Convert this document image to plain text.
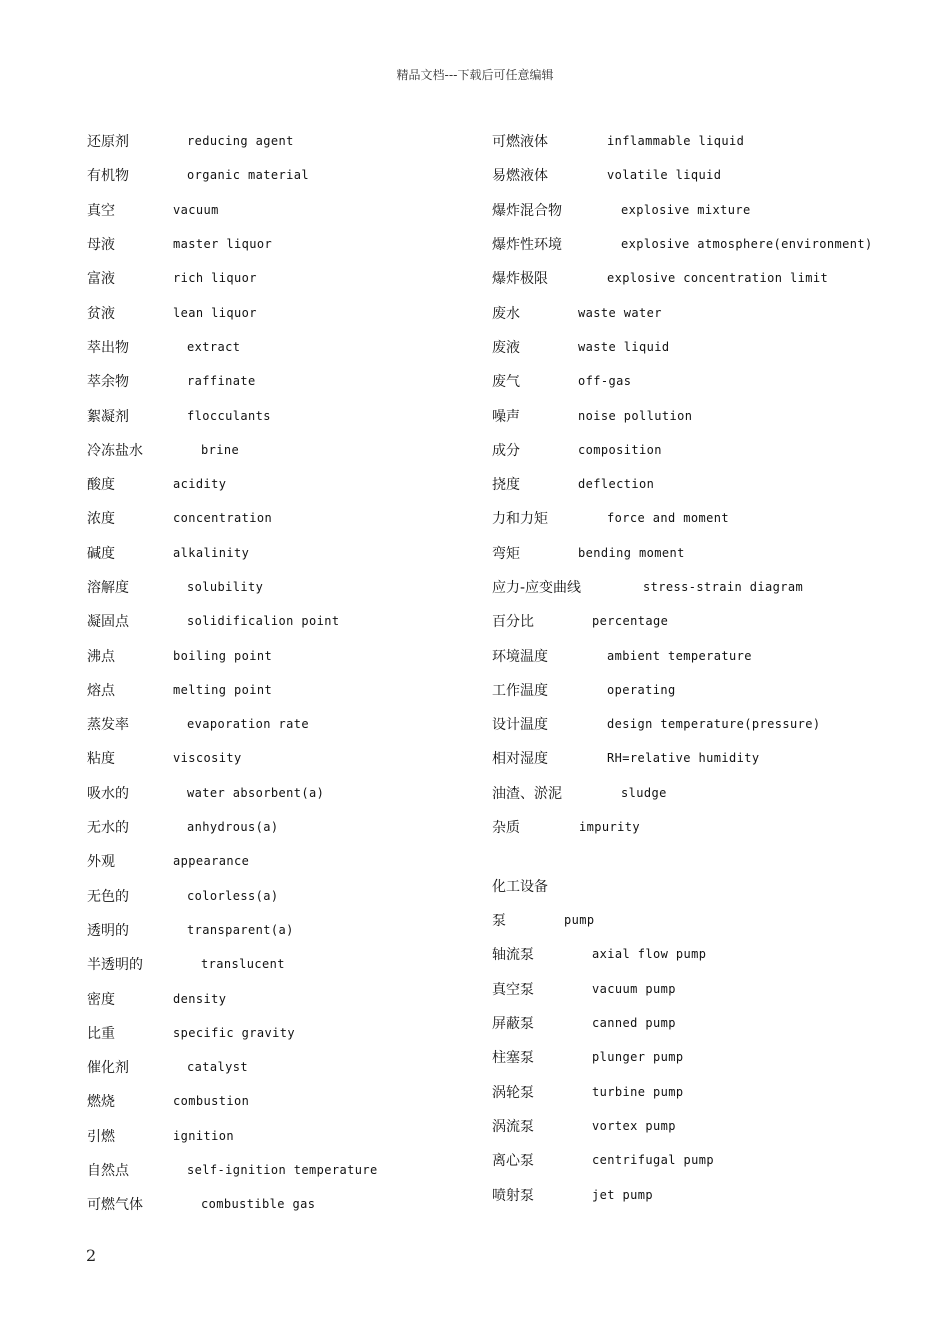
精品文档---下载后可任意编辑
还原剂	reducing agent
有机物	organic material
真空	vacuum
母液	master liquor
富液	rich liquor
贫液	lean liquor
萃出物	extract
萃余物	raffinate
絮凝剂	flocculants
冷冻盐水	brine
酸度	acidity
浓度	concentration
碱度	alkalinity
溶解度	solubility
凝固点	solidificalion point
沸点	boiling point
熔点	melting point
蒸发率	evaporation rate
粘度	viscosity
吸水的	water absorbent(a)
无水的	anhydrous(a)
外观	appearance
无色的	colorless(a)
透明的	transparent(a)
半透明的	translucent
密度	density
比重	specific gravity
催化剂	catalyst
燃烧	combustion
引燃	ignition
自然点	self-ignition temperature
可燃气体	combustible gas
可燃液体	inflammable liquid
易燃液体	volatile liquid
爆炸混合物	explosive mixture
爆炸性环境	explosive atmosphere(environment)
爆炸极限	explosive concentration limit
废水	waste water
废液	waste liquid
废气	off-gas
噪声	noise pollution
成分	composition
挠度	deflection
力和力矩	force and moment
弯矩	bending moment
应力-应变曲线	stress-strain diagram
百分比	percentage
环境温度	ambient temperature
工作温度	operating
设计温度	design temperature(pressure)
相对湿度	RH=relative humidity
油渣、淤泥	sludge
杂质	impurity
化工设备
泵	pump
轴流泵	axial flow pump
真空泵	vacuum pump
屏蔽泵	canned pump
柱塞泵	plunger pump
涡轮泵	turbine pump
涡流泵	vortex pump
离心泵	centrifugal pump
喷射泵	jet pump
2
